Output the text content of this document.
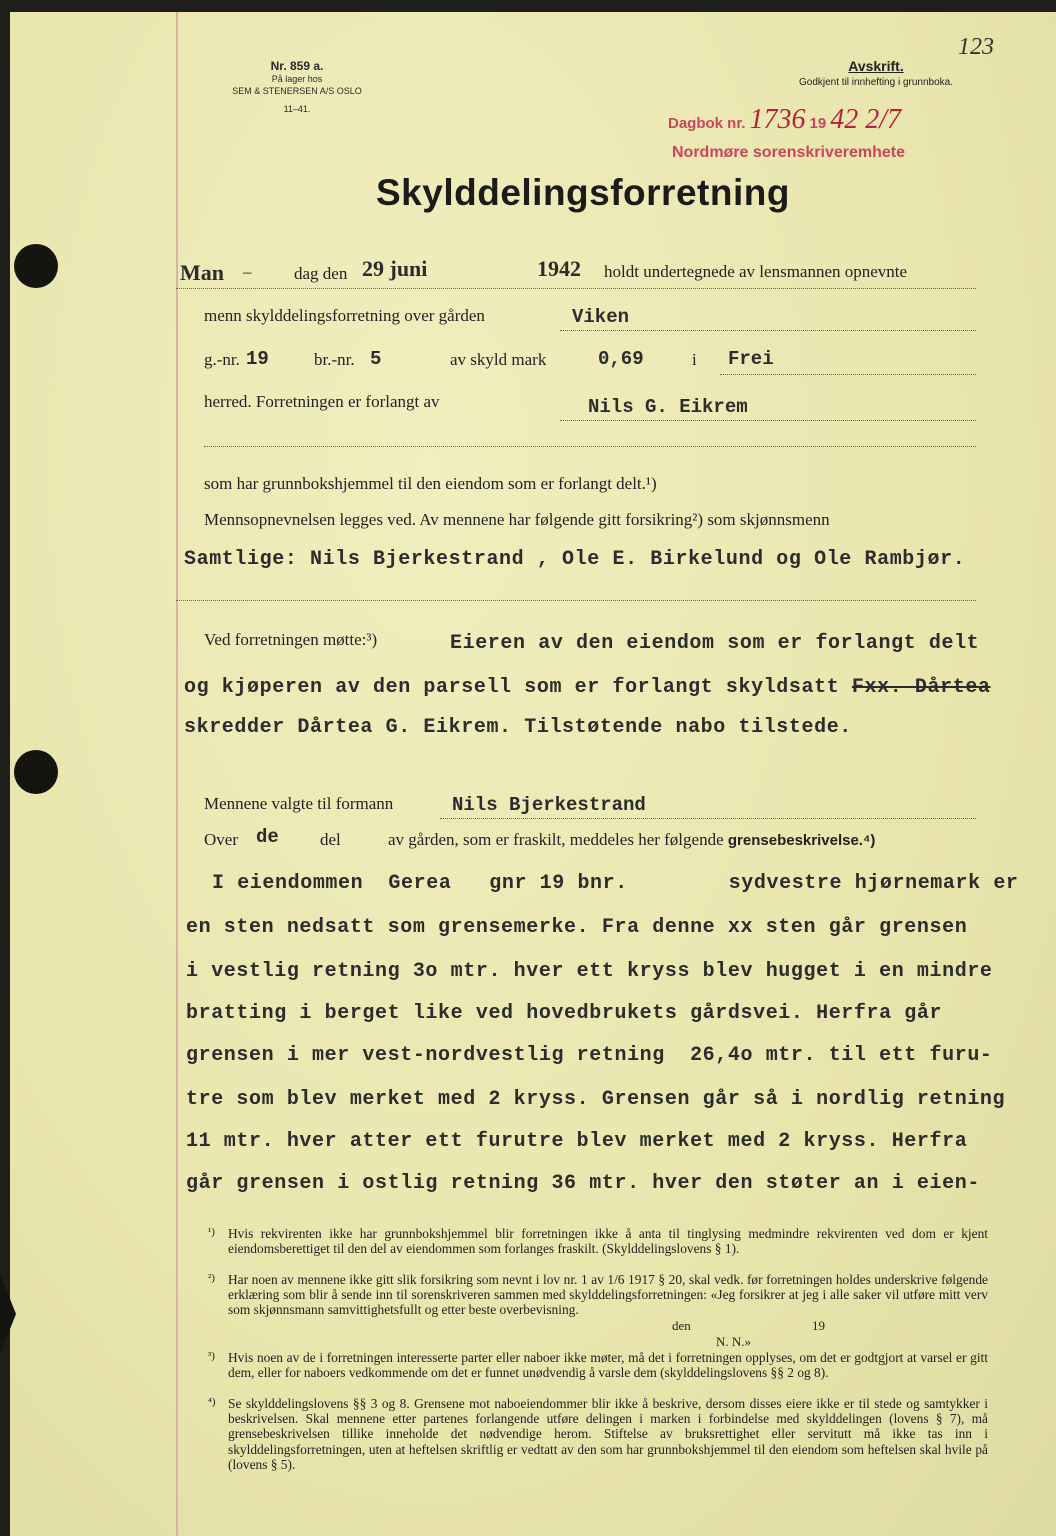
123
Nr. 859 a.
På lager hos
SEM & STENERSEN A/S OSLO
11–41.
Avskrift.
Godkjent til innhefting i grunnboka.
Dagbok nr. 1736 19 42 2/7
Nordmøre sorenskriveremhete
Skylddelingsforretning
Man –	dag den 29 juni	1942 holdt undertegnede av lensmannen opnevnte
menn skylddelingsforretning over gården	Viken
g.-nr. 19	br.-nr. 5	av skyld mark	0,69	i Frei
herred. Forretningen er forlangt av	Nils G. Eikrem
som har grunnbokshjemmel til den eiendom som er forlangt delt.¹)
Mennsopnevnelsen legges ved. Av mennene har følgende gitt forsikring²) som skjønnsmenn
Samtlige: Nils Bjerkestrand , Ole E. Birkelund og Ole Rambjør.
Ved forretningen møtte:³)	Eieren av den eiendom som er forlangt delt
og kjøperen av den parsell som er forlangt skyldsatt Fxx. Dårtea
skredder Dårtea G. Eikrem. Tilstøtende nabo tilstede.
Mennene valgte til formann	Nils Bjerkestrand
Over de del	av gården, som er fraskilt, meddeles her følgende grensebeskrivelse.⁴)
I eiendommen  Gerea   gnr 19 bnr.        sydvestre hjørnemark er
en sten nedsatt som grensemerke. Fra denne xx sten går grensen
i vestlig retning 3o mtr. hver ett kryss blev hugget i en mindre
bratting i berget like ved hovedbrukets gårdsvei. Herfra går
grensen i mer vest-nordvestlig retning  26,4o mtr. til ett furu-
tre som blev merket med 2 kryss. Grensen går så i nordlig retning
11 mtr. hver atter ett furutre blev merket med 2 kryss. Herfra
går grensen i ostlig retning 36 mtr. hver den støter an i eien-
¹) Hvis rekvirenten ikke har grunnbokshjemmel blir forretningen ikke å anta til tinglysing medmindre rekvirenten ved dom er kjent eiendomsberettiget til den del av eiendommen som forlanges fraskilt. (Skylddelingslovens § 1).
²) Har noen av mennene ikke gitt slik forsikring som nevnt i lov nr. 1 av 1/6 1917 § 20, skal vedk. før forretningen holdes underskrive følgende erklæring som blir å sende inn til sorenskriveren sammen med skylddelingsforretningen: «Jeg forsikrer at jeg i alle saker vil utføre mitt verv som skjønnsmann samvittighetsfullt og etter beste overbevisning.
den	19
N. N.»
³) Hvis noen av de i forretningen interesserte parter eller naboer ikke møter, må det i forretningen opplyses, om det er godtgjort at varsel er gitt dem, eller for naboers vedkommende om det er funnet unødvendig å varsle dem (skylddelingslovens §§ 2 og 8).
⁴) Se skylddelingslovens §§ 3 og 8. Grensene mot naboeiendommer blir ikke å beskrive, dersom disses eiere ikke er til stede og samtykker i beskrivelsen. Skal mennene etter partenes forlangende utføre delingen i marken i forbindelse med skylddelingen (lovens § 7), må grensebeskrivelsen tillike inneholde det nødvendige herom. Stiftelse av bruksrettighet eller servitutt må ikke tas inn i skylddelingsforretningen, uten at heftelsen skriftlig er vedtatt av den som har grunnbokshjemmel til den eiendom som heftelsen skal hvile på (lovens § 5).
